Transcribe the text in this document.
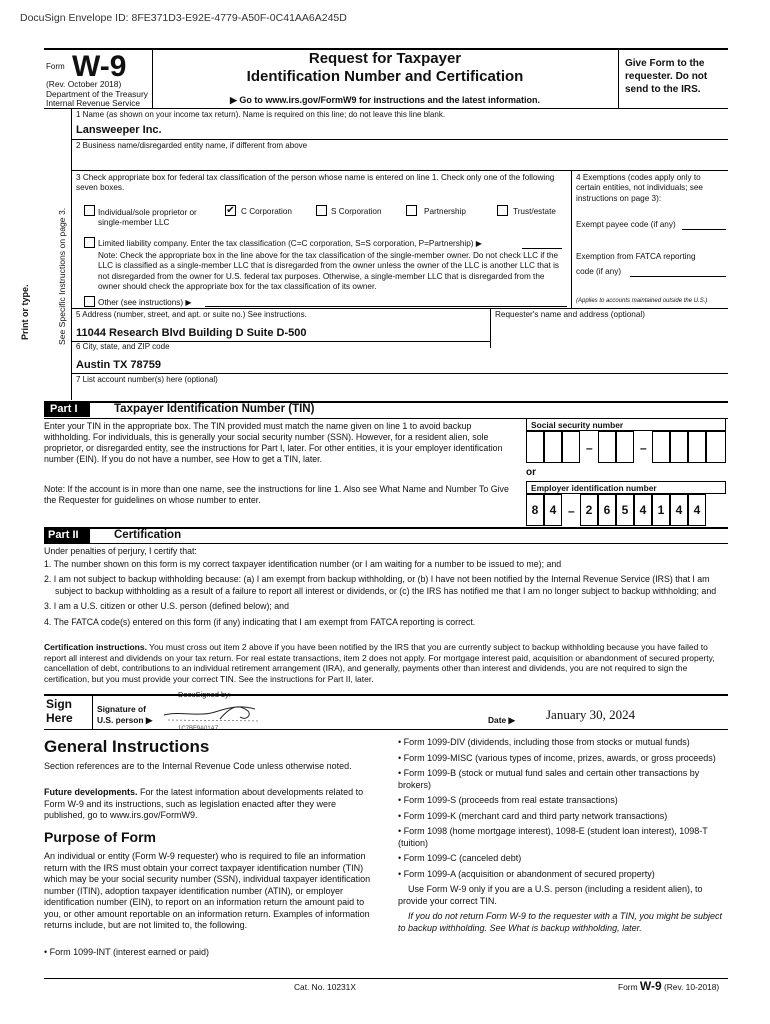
DocuSign Envelope ID: 8FE371D3-E92E-4779-A50F-0C41AA6A245D
Form W-9
(Rev. October 2018)
Department of the Treasury
Internal Revenue Service
Request for Taxpayer
Identification Number and Certification
▶ Go to www.irs.gov/FormW9 for instructions and the latest information.
Give Form to the requester. Do not send to the IRS.
Print or type.	See Specific Instructions on page 3.
1 Name (as shown on your income tax return). Name is required on this line; do not leave this line blank.
Lansweeper Inc.
2 Business name/disregarded entity name, if different from above
3 Check appropriate box for federal tax classification of the person whose name is entered on line 1. Check only one of the following seven boxes.
Individual/sole proprietor or single-member LLC
✔ C Corporation	S Corporation	Partnership	Trust/estate
Limited liability company. Enter the tax classification (C=C corporation, S=S corporation, P=Partnership) ▶
Note: Check the appropriate box in the line above for the tax classification of the single-member owner. Do not check LLC if the LLC is classified as a single-member LLC that is disregarded from the owner unless the owner of the LLC is another LLC that is not disregarded from the owner for U.S. federal tax purposes. Otherwise, a single-member LLC that is disregarded from the owner should check the appropriate box for the tax classification of its owner.
Other (see instructions) ▶
4 Exemptions (codes apply only to certain entities, not individuals; see instructions on page 3):
Exempt payee code (if any)
Exemption from FATCA reporting
code (if any)
(Applies to accounts maintained outside the U.S.)
5 Address (number, street, and apt. or suite no.) See instructions.	Requester's name and address (optional)
11044 Research Blvd Building D Suite D-500
6 City, state, and ZIP code
Austin TX 78759
7 List account number(s) here (optional)
Part I	Taxpayer Identification Number (TIN)
Enter your TIN in the appropriate box. The TIN provided must match the name given on line 1 to avoid backup withholding. For individuals, this is generally your social security number (SSN). However, for a resident alien, sole proprietor, or disregarded entity, see the instructions for Part I, later. For other entities, it is your employer identification number (EIN). If you do not have a number, see How to get a TIN, later.
Note: If the account is in more than one name, see the instructions for line 1. Also see What Name and Number To Give the Requester for guidelines on whose number to enter.
Social security number
–	–
or
Employer identification number
8 4 – 2 6 5 4 1 4 4
Part II	Certification
Under penalties of perjury, I certify that:

1. The number shown on this form is my correct taxpayer identification number (or I am waiting for a number to be issued to me); and

2. I am not subject to backup withholding because: (a) I am exempt from backup withholding, or (b) I have not been notified by the Internal Revenue Service (IRS) that I am subject to backup withholding as a result of a failure to report all interest or dividends, or (c) the IRS has notified me that I am no longer subject to backup withholding; and

3. I am a U.S. citizen or other U.S. person (defined below); and

4. The FATCA code(s) entered on this form (if any) indicating that I am exempt from FATCA reporting is correct.

Certification instructions. You must cross out item 2 above if you have been notified by the IRS that you are currently subject to backup withholding because you have failed to report all interest and dividends on your tax return. For real estate transactions, item 2 does not apply. For mortgage interest paid, acquisition or abandonment of secured property, cancellation of debt, contributions to an individual retirement arrangement (IRA), and generally, payments other than interest and dividends, you are not required to sign the certification, but you must provide your correct TIN. See the instructions for Part II, later.
Sign Here
Signature of U.S. person ▶
DocuSigned by:
1C7BF9A01A7...
Date ▶ January 30, 2024
General Instructions
Section references are to the Internal Revenue Code unless otherwise noted.
Future developments. For the latest information about developments related to Form W-9 and its instructions, such as legislation enacted after they were published, go to www.irs.gov/FormW9.
Purpose of Form
An individual or entity (Form W-9 requester) who is required to file an information return with the IRS must obtain your correct taxpayer identification number (TIN) which may be your social security number (SSN), individual taxpayer identification number (ITIN), adoption taxpayer identification number (ATIN), or employer identification number (EIN), to report on an information return the amount paid to you, or other amount reportable on an information return. Examples of information returns include, but are not limited to, the following.
• Form 1099-INT (interest earned or paid)

• Form 1099-DIV (dividends, including those from stocks or mutual funds)

• Form 1099-MISC (various types of income, prizes, awards, or gross proceeds)

• Form 1099-B (stock or mutual fund sales and certain other transactions by brokers)

• Form 1099-S (proceeds from real estate transactions)

• Form 1099-K (merchant card and third party network transactions)

• Form 1098 (home mortgage interest), 1098-E (student loan interest), 1098-T (tuition)

• Form 1099-C (canceled debt)

• Form 1099-A (acquisition or abandonment of secured property)

Use Form W-9 only if you are a U.S. person (including a resident alien), to provide your correct TIN.

If you do not return Form W-9 to the requester with a TIN, you might be subject to backup withholding. See What is backup withholding, later.

Cat. No. 10231X	Form W-9 (Rev. 10-2018)
